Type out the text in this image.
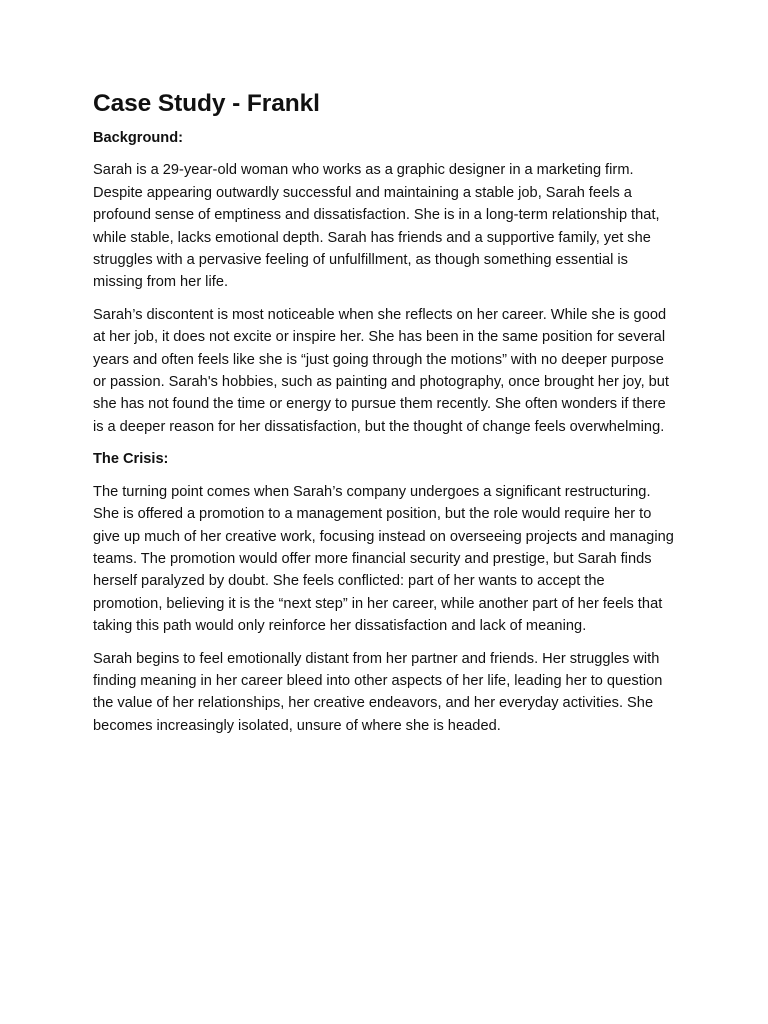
Case Study - Frankl
Background:

Sarah is a 29-year-old woman who works as a graphic designer in a marketing firm. Despite appearing outwardly successful and maintaining a stable job, Sarah feels a profound sense of emptiness and dissatisfaction. She is in a long-term relationship that, while stable, lacks emotional depth. Sarah has friends and a supportive family, yet she struggles with a pervasive feeling of unfulfillment, as though something essential is missing from her life.

Sarah’s discontent is most noticeable when she reflects on her career. While she is good at her job, it does not excite or inspire her. She has been in the same position for several years and often feels like she is “just going through the motions” with no deeper purpose or passion. Sarah's hobbies, such as painting and photography, once brought her joy, but she has not found the time or energy to pursue them recently. She often wonders if there is a deeper reason for her dissatisfaction, but the thought of change feels overwhelming.

The Crisis:

The turning point comes when Sarah’s company undergoes a significant restructuring. She is offered a promotion to a management position, but the role would require her to give up much of her creative work, focusing instead on overseeing projects and managing teams. The promotion would offer more financial security and prestige, but Sarah finds herself paralyzed by doubt. She feels conflicted: part of her wants to accept the promotion, believing it is the “next step” in her career, while another part of her feels that taking this path would only reinforce her dissatisfaction and lack of meaning.

Sarah begins to feel emotionally distant from her partner and friends. Her struggles with finding meaning in her career bleed into other aspects of her life, leading her to question the value of her relationships, her creative endeavors, and her everyday activities. She becomes increasingly isolated, unsure of where she is headed.
